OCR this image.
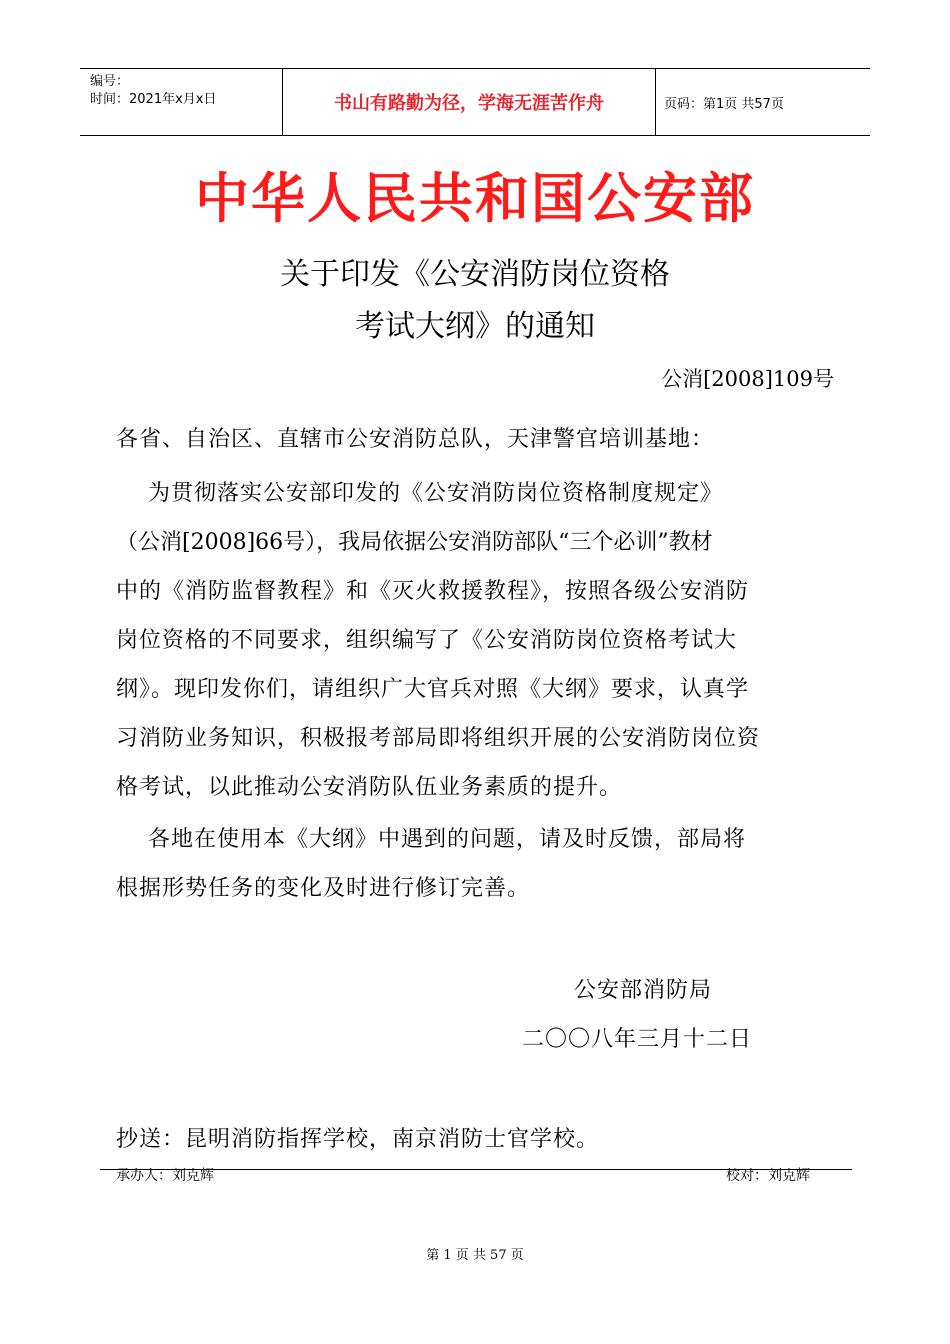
编号：
时间：2021年x月x日	书山有路勤为径，学海无涯苦作舟	页码：第1页 共57页
中华人民共和国公安部
关于印发《公安消防岗位资格
考试大纲》的通知
公消[2008]109号
各省、自治区、直辖市公安消防总队，天津警官培训基地：
为贯彻落实公安部印发的《公安消防岗位资格制度规定》
（公消[2008]66号），我局依据公安消防部队“三个必训”教材
中的《消防监督教程》和《灭火救援教程》，按照各级公安消防
岗位资格的不同要求，组织编写了《公安消防岗位资格考试大
纲》。现印发你们，请组织广大官兵对照《大纲》要求，认真学
习消防业务知识，积极报考部局即将组织开展的公安消防岗位资
格考试，以此推动公安消防队伍业务素质的提升。
各地在使用本《大纲》中遇到的问题，请及时反馈，部局将
根据形势任务的变化及时进行修订完善。
公安部消防局
二〇〇八年三月十二日
抄送：昆明消防指挥学校，南京消防士官学校。
承办人：刘克辉	校对：刘克辉
第 1 页 共 57 页
